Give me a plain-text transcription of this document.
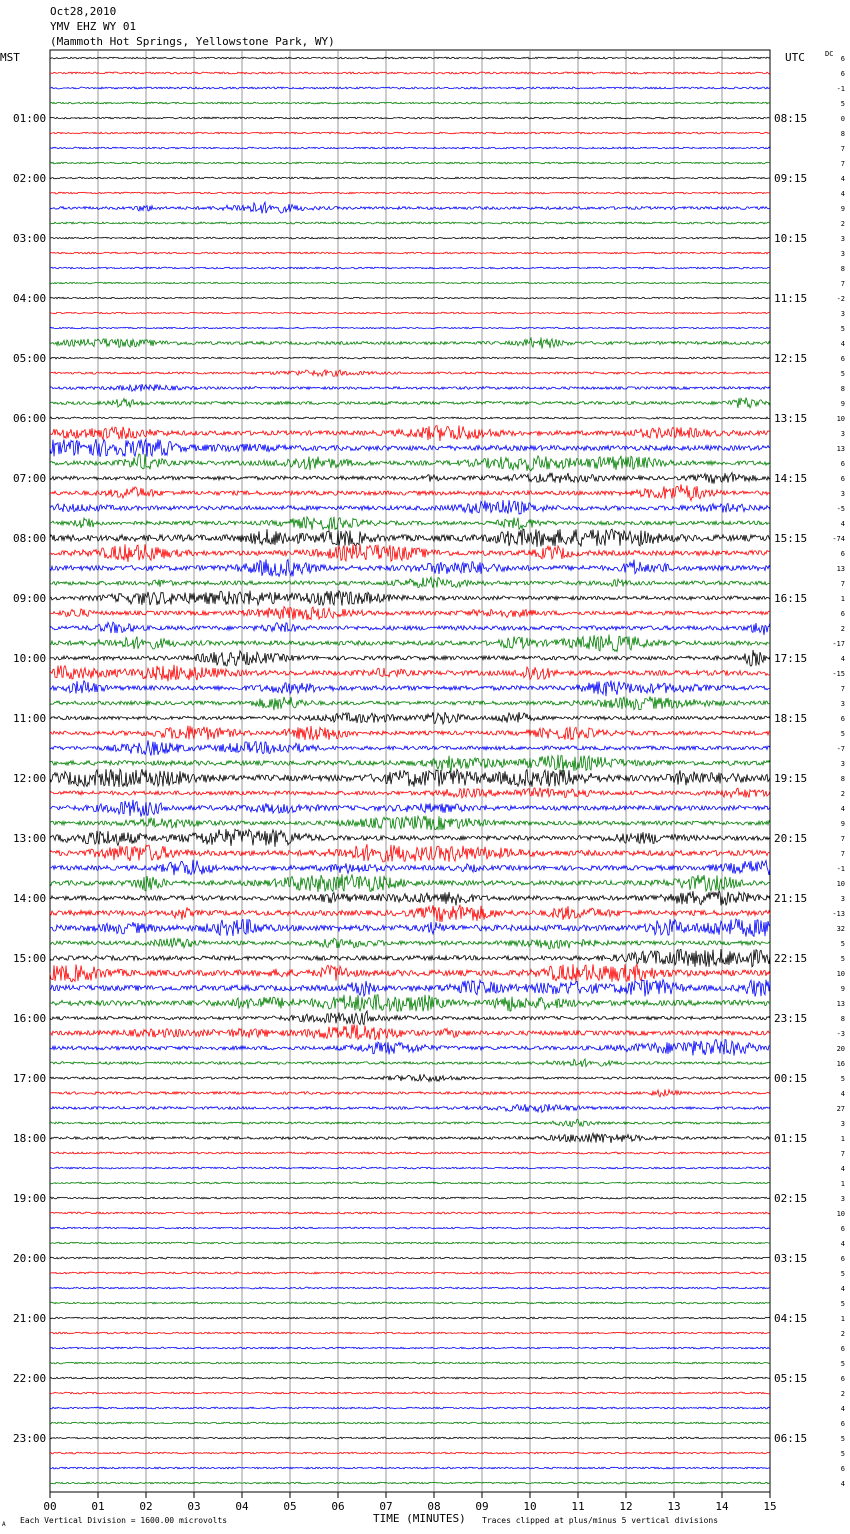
Oct28,2010
YMV EHZ WY 01
(Mammoth Hot Springs, Yellowstone Park, WY)
01:00
02:00
03:00
04:00
05:00
06:00
07:00
08:00
09:00
10:00
11:00
12:00
13:00
14:00
15:00
16:00
17:00
18:00
19:00
20:00
21:00
22:00
23:00
08:15
09:15
10:15
11:15
12:15
13:15
14:15
15:15
16:15
17:15
18:15
19:15
20:15
21:15
22:15
23:15
00:15
01:15
02:15
03:15
04:15
05:15
06:15
6
6
-1
5
0
8
7
7
4
4
9
2
3
3
8
7
-2
3
5
4
6
5
8
9
10
3
13
6
6
3
-5
4
-74
6
13
7
1
6
2
-17
4
-15
7
3
6
5
-7
3
8
2
4
9
7
7
-1
10
3
-13
32
5
5
10
9
13
8
-3
20
16
5
4
27
3
1
7
4
1
3
10
6
4
6
5
4
5
1
2
6
5
6
2
4
6
5
5
6
4
00	01	02	03	04	05	06	07	08	09	10	11	12	13	14	15
MST	UTC	DC
A Each Vertical Division = 1600.00 microvolts	TIME (MINUTES) Traces clipped at plus/minus 5 vertical divisions
